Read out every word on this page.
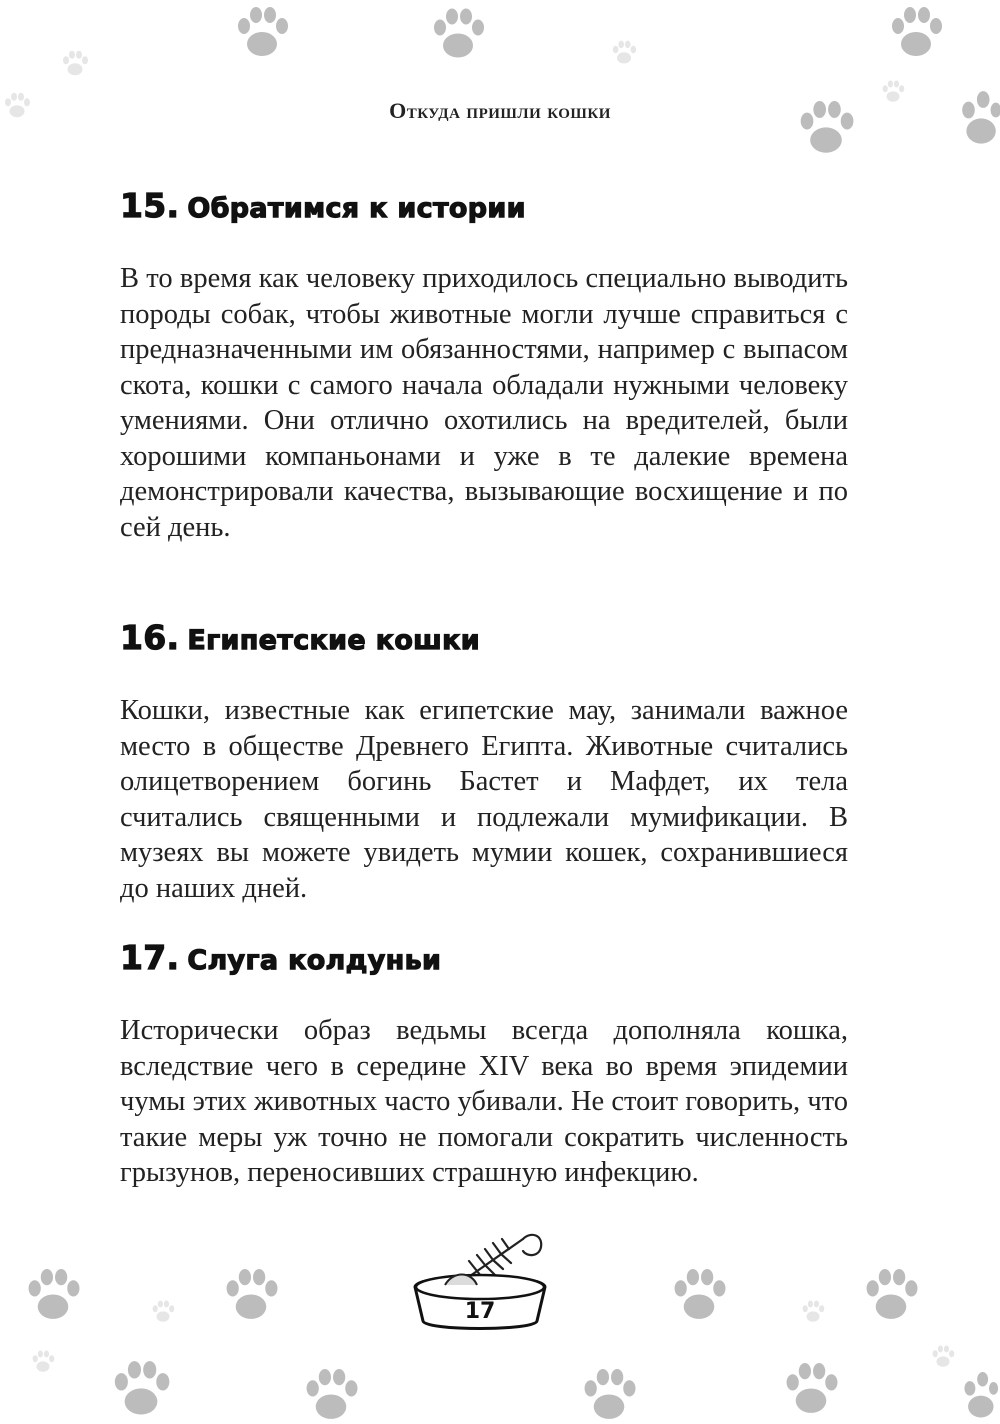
Откуда пришли кошки
15. Обратимся к истории

В то время как человеку приходилось специально выводить породы собак, чтобы животные могли лучше справиться с предназначенными им обязанностями, например с выпасом скота, кошки с самого начала обладали нужными человеку умениями. Они отлично охотились на вредителей, были хорошими компаньонами и уже в те далекие времена демонстрировали качества, вызывающие восхищение и по сей день.

16. Египетские кошки

Кошки, известные как египетские мау, занимали важное место в обществе Древнего Египта. Животные считались олицетворением богинь Бастет и Мафдет, их тела считались священными и подлежали мумификации. В музеях вы можете увидеть мумии кошек, сохранившиеся до наших дней.

17. Слуга колдуньи

Исторически образ ведьмы всегда дополняла кошка, вследствие чего в середине XIV века во время эпидемии чумы этих животных часто убивали. Не стоит говорить, что такие меры уж точно не помогали сократить численность грызунов, переносивших страшную инфекцию.

17
